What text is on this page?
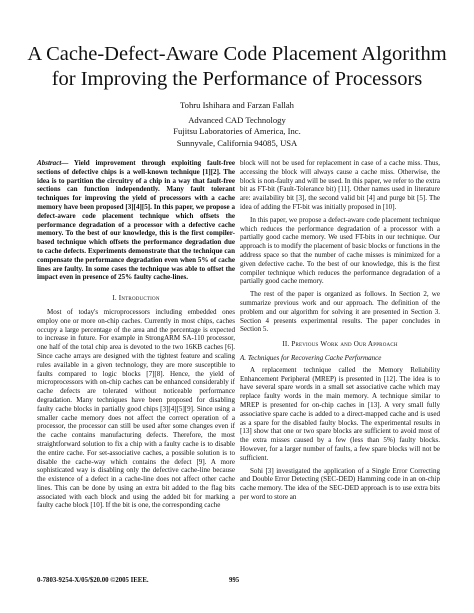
A Cache-Defect-Aware Code Placement Algorithm for Improving the Performance of Processors
Tohru Ishihara and Farzan Fallah
Advanced CAD Technology
Fujitsu Laboratories of America, Inc.
Sunnyvale, California 94085, USA

Abstract— Yield improvement through exploiting fault-free sections of defective chips is a well-known technique [1][2]. The idea is to partition the circuitry of a chip in a way that fault-free sections can function independently. Many fault tolerant techniques for improving the yield of processors with a cache memory have been proposed [3][4][5]. In this paper, we propose a defect-aware code placement technique which offsets the performance degradation of a processor with a defective cache memory. To the best of our knowledge, this is the first compiler-based technique which offsets the performance degradation due to cache defects. Experiments demonstrate that the technique can compensate the performance degradation even when 5% of cache lines are faulty. In some cases the technique was able to offset the impact even in presence of 25% faulty cache-lines.

I. Introduction

Most of today's microprocessors including embedded ones employ one or more on-chip caches. Currently in most chips, caches occupy a large percentage of the area and the percentage is expected to increase in future. For example in StrongARM SA-110 processor, one half of the total chip area is devoted to the two 16KB caches [6]. Since cache arrays are designed with the tightest feature and scaling rules available in a given technology, they are more susceptible to faults compared to logic blocks [7][8]. Hence, the yield of microprocessors with on-chip caches can be enhanced considerably if cache defects are tolerated without noticeable performance degradation. Many techniques have been proposed for disabling faulty cache blocks in partially good chips [3][4][5][9]. Since using a smaller cache memory does not affect the correct operation of a processor, the processor can still be used after some changes even if the cache contains manufacturing defects. Therefore, the most straightforward solution to fix a chip with a faulty cache is to disable the entire cache. For set-associative caches, a possible solution is to disable the cache-way which contains the defect [9]. A more sophisticated way is disabling only the defective cache-line because the existence of a defect in a cache-line does not affect other cache lines. This can be done by using an extra bit added to the flag bits associated with each block and using the added bit for marking a faulty cache block [10]. If the bit is one, the corresponding cache

block will not be used for replacement in case of a cache miss. Thus, accessing the block will always cause a cache miss. Otherwise, the block is non-faulty and will be used. In this paper, we refer to the extra bit as FT-bit (Fault-Tolerance bit) [11]. Other names used in literature are: availability bit [3], the second valid bit [4] and purge bit [5]. The idea of adding the FT-bit was initially proposed in [10].

In this paper, we propose a defect-aware code placement technique which reduces the performance degradation of a processor with a partially good cache memory. We used FT-bits in our technique. Our approach is to modify the placement of basic blocks or functions in the address space so that the number of cache misses is minimized for a given defective cache. To the best of our knowledge, this is the first compiler technique which reduces the performance degradation of a partially good cache memory.

The rest of the paper is organized as follows. In Section 2, we summarize previous work and our approach. The definition of the problem and our algorithm for solving it are presented in Section 3. Section 4 presents experimental results. The paper concludes in Section 5.

II. Previous Work and Our Approach
A. Techniques for Recovering Cache Performance

A replacement technique called the Memory Reliability Enhancement Peripheral (MREP) is presented in [12]. The idea is to have several spare words in a small set associative cache which may replace faulty words in the main memory. A technique similar to MREP is presented for on-chip caches in [13]. A very small fully associative spare cache is added to a direct-mapped cache and is used as a spare for the disabled faulty blocks. The experimental results in [13] show that one or two spare blocks are sufficient to avoid most of the extra misses caused by a few (less than 5%) faulty blocks. However, for a larger number of faults, a few spare blocks will not be sufficient.

Sohi [3] investigated the application of a Single Error Correcting and Double Error Detecting (SEC-DED) Hamming code in an on-chip cache memory. The idea of the SEC-DED approach is to use extra bits per word to store an

0-7803-9254-X/05/$20.00 ©2005 IEEE.	995
